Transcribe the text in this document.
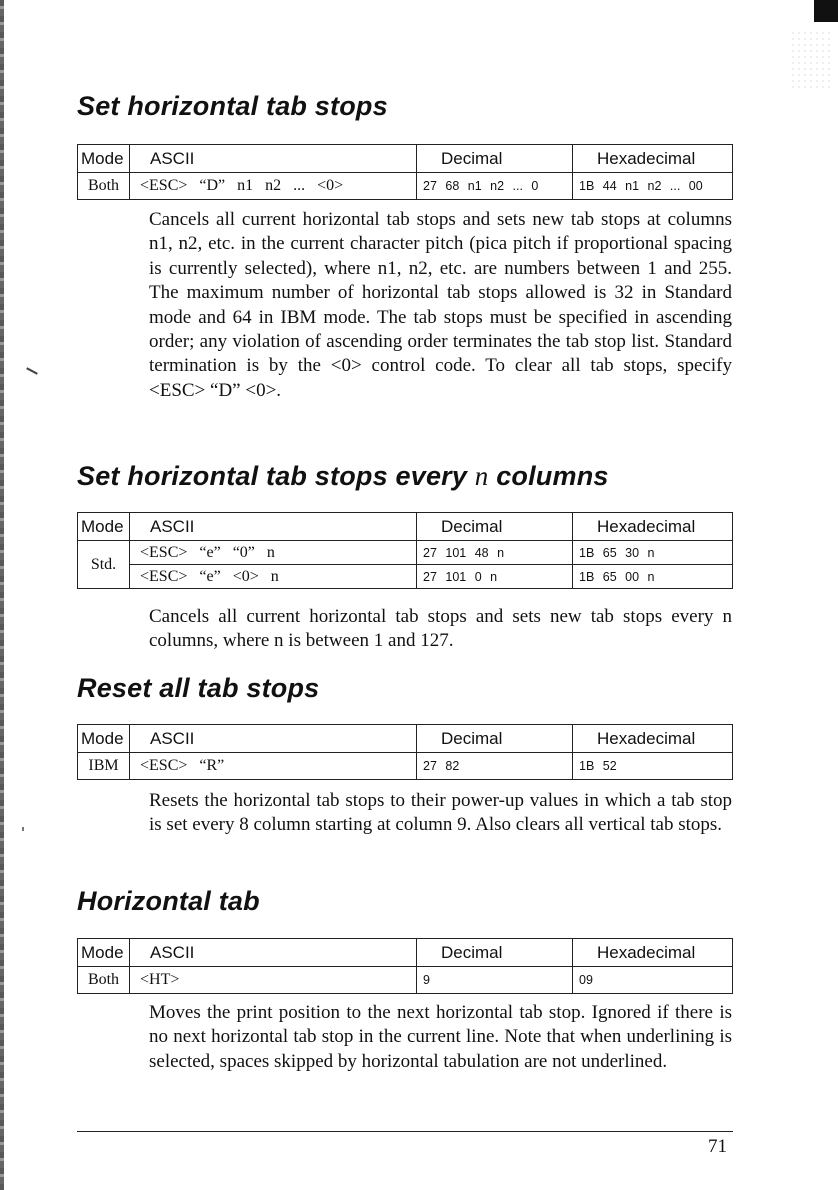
Set horizontal tab stops
Mode	ASCII	Decimal	Hexadecimal
Both	<ESC> “D” n1 n2 ... <0>	27 68 n1 n2 ... 0	1B 44 n1 n2 ... 00

Cancels all current horizontal tab stops and sets new tab stops at columns n1, n2, etc. in the current character pitch (pica pitch if proportional spacing is currently selected), where n1, n2, etc. are numbers between 1 and 255. The maximum number of horizontal tab stops allowed is 32 in Standard mode and 64 in IBM mode. The tab stops must be specified in ascending order; any violation of ascending order terminates the tab stop list. Standard termination is by the <0> control code. To clear all tab stops, specify <ESC> “D” <0>.

Set horizontal tab stops every n columns
Mode	ASCII	Decimal	Hexadecimal
Std.	<ESC> “e” “0” n	27 101 48 n	1B 65 30 n
	<ESC> “e” <0> n	27 101 0 n	1B 65 00 n

Cancels all current horizontal tab stops and sets new tab stops every n columns, where n is between 1 and 127.

Reset all tab stops
Mode	ASCII	Decimal	Hexadecimal
IBM	<ESC> “R”	27 82	1B 52

Resets the horizontal tab stops to their power-up values in which a tab stop is set every 8 column starting at column 9. Also clears all vertical tab stops.

Horizontal tab
Mode	ASCII	Decimal	Hexadecimal
Both	<HT>	9	09

Moves the print position to the next horizontal tab stop. Ignored if there is no next horizontal tab stop in the current line. Note that when underlining is selected, spaces skipped by horizontal tabulation are not underlined.

71
